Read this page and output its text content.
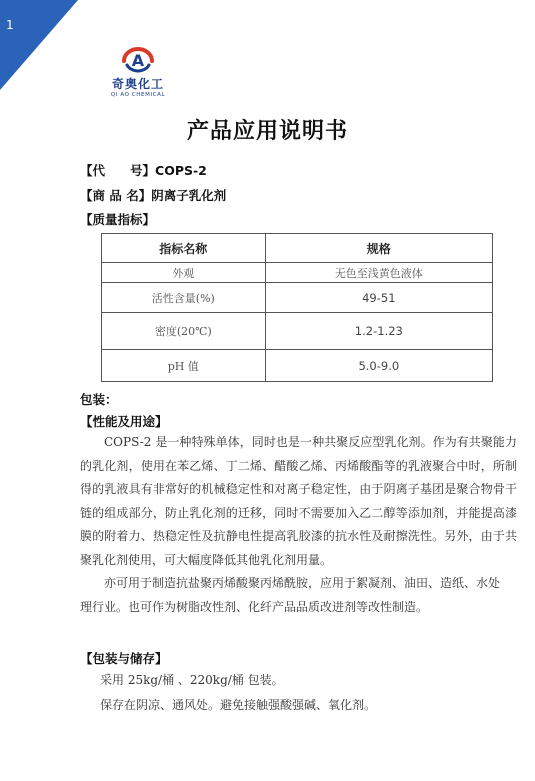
1
A
奇奥化工
QI AO CHEMICAL
产品应用说明书
【代　　号】COPS-2
【商 品 名】阴离子乳化剂
【质量指标】
指标名称	规格
外观	无色至浅黄色液体
活性含量(%)	49-51
密度(20℃)	1.2-1.23
pH 值	5.0-9.0
包装：
【性能及用途】

COPS-2 是一种特殊单体，同时也是一种共聚反应型乳化剂。作为有共聚能力的乳化剂，使用在苯乙烯、丁二烯、醋酸乙烯、丙烯酸酯等的乳液聚合中时，所制得的乳液具有非常好的机械稳定性和对离子稳定性，由于阴离子基团是聚合物骨干链的组成部分，防止乳化剂的迁移，同时不需要加入乙二醇等添加剂，并能提高漆膜的附着力、热稳定性及抗静电性提高乳胶漆的抗水性及耐擦洗性。另外，由于共聚乳化剂使用，可大幅度降低其他乳化剂用量。

亦可用于制造抗盐聚丙烯酸聚丙烯酰胺，应用于絮凝剂、油田、造纸、水处理行业。也可作为树脂改性剂、化纤产品品质改进剂等改性制造。

【包装与储存】
采用 25kg/桶 、220kg/桶 包装。
保存在阴凉、通风处。避免接触强酸强碱、氧化剂。
